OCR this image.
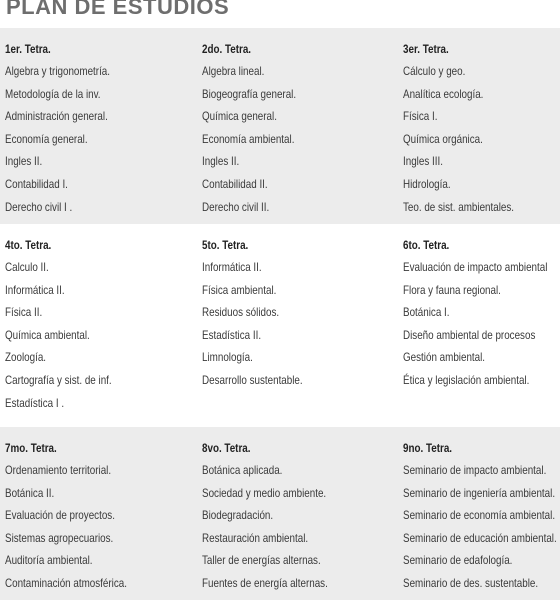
PLAN DE ESTUDIOS
1er. Tetra.
Algebra y trigonometría.
Metodología de la inv.
Administración general.
Economía general.
Ingles II.
Contabilidad I.
Derecho civil I .
2do. Tetra.
Algebra lineal.
Biogeografía general.
Química general.
Economía ambiental.
Ingles II.
Contabilidad II.
Derecho civil II.
3er. Tetra.
Cálculo y geo.
Analítica ecología.
Física I.
Química orgánica.
Ingles III.
Hidrología.
Teo. de sist. ambientales.
4to. Tetra.
Calculo II.
Informática II.
Física II.
Química ambiental.
Zoología.
Cartografía y sist. de inf.
Estadística I .
5to. Tetra.
Informática II.
Física ambiental.
Residuos sólidos.
Estadística II.
Limnología.
Desarrollo sustentable.
6to. Tetra.
Evaluación de impacto ambiental
Flora y fauna regional.
Botánica I.
Diseño ambiental de procesos
Gestión ambiental.
Ética y legislación ambiental.
7mo. Tetra.
Ordenamiento territorial.
Botánica II.
Evaluación de proyectos.
Sistemas agropecuarios.
Auditoría ambiental.
Contaminación atmosférica.
8vo. Tetra.
Botánica aplicada.
Sociedad y medio ambiente.
Biodegradación.
Restauración ambiental.
Taller de energías alternas.
Fuentes de energía alternas.
9no. Tetra.
Seminario de impacto ambiental.
Seminario de ingeniería ambiental.
Seminario de economía ambiental.
Seminario de educación ambiental.
Seminario de edafología.
Seminario de des. sustentable.
